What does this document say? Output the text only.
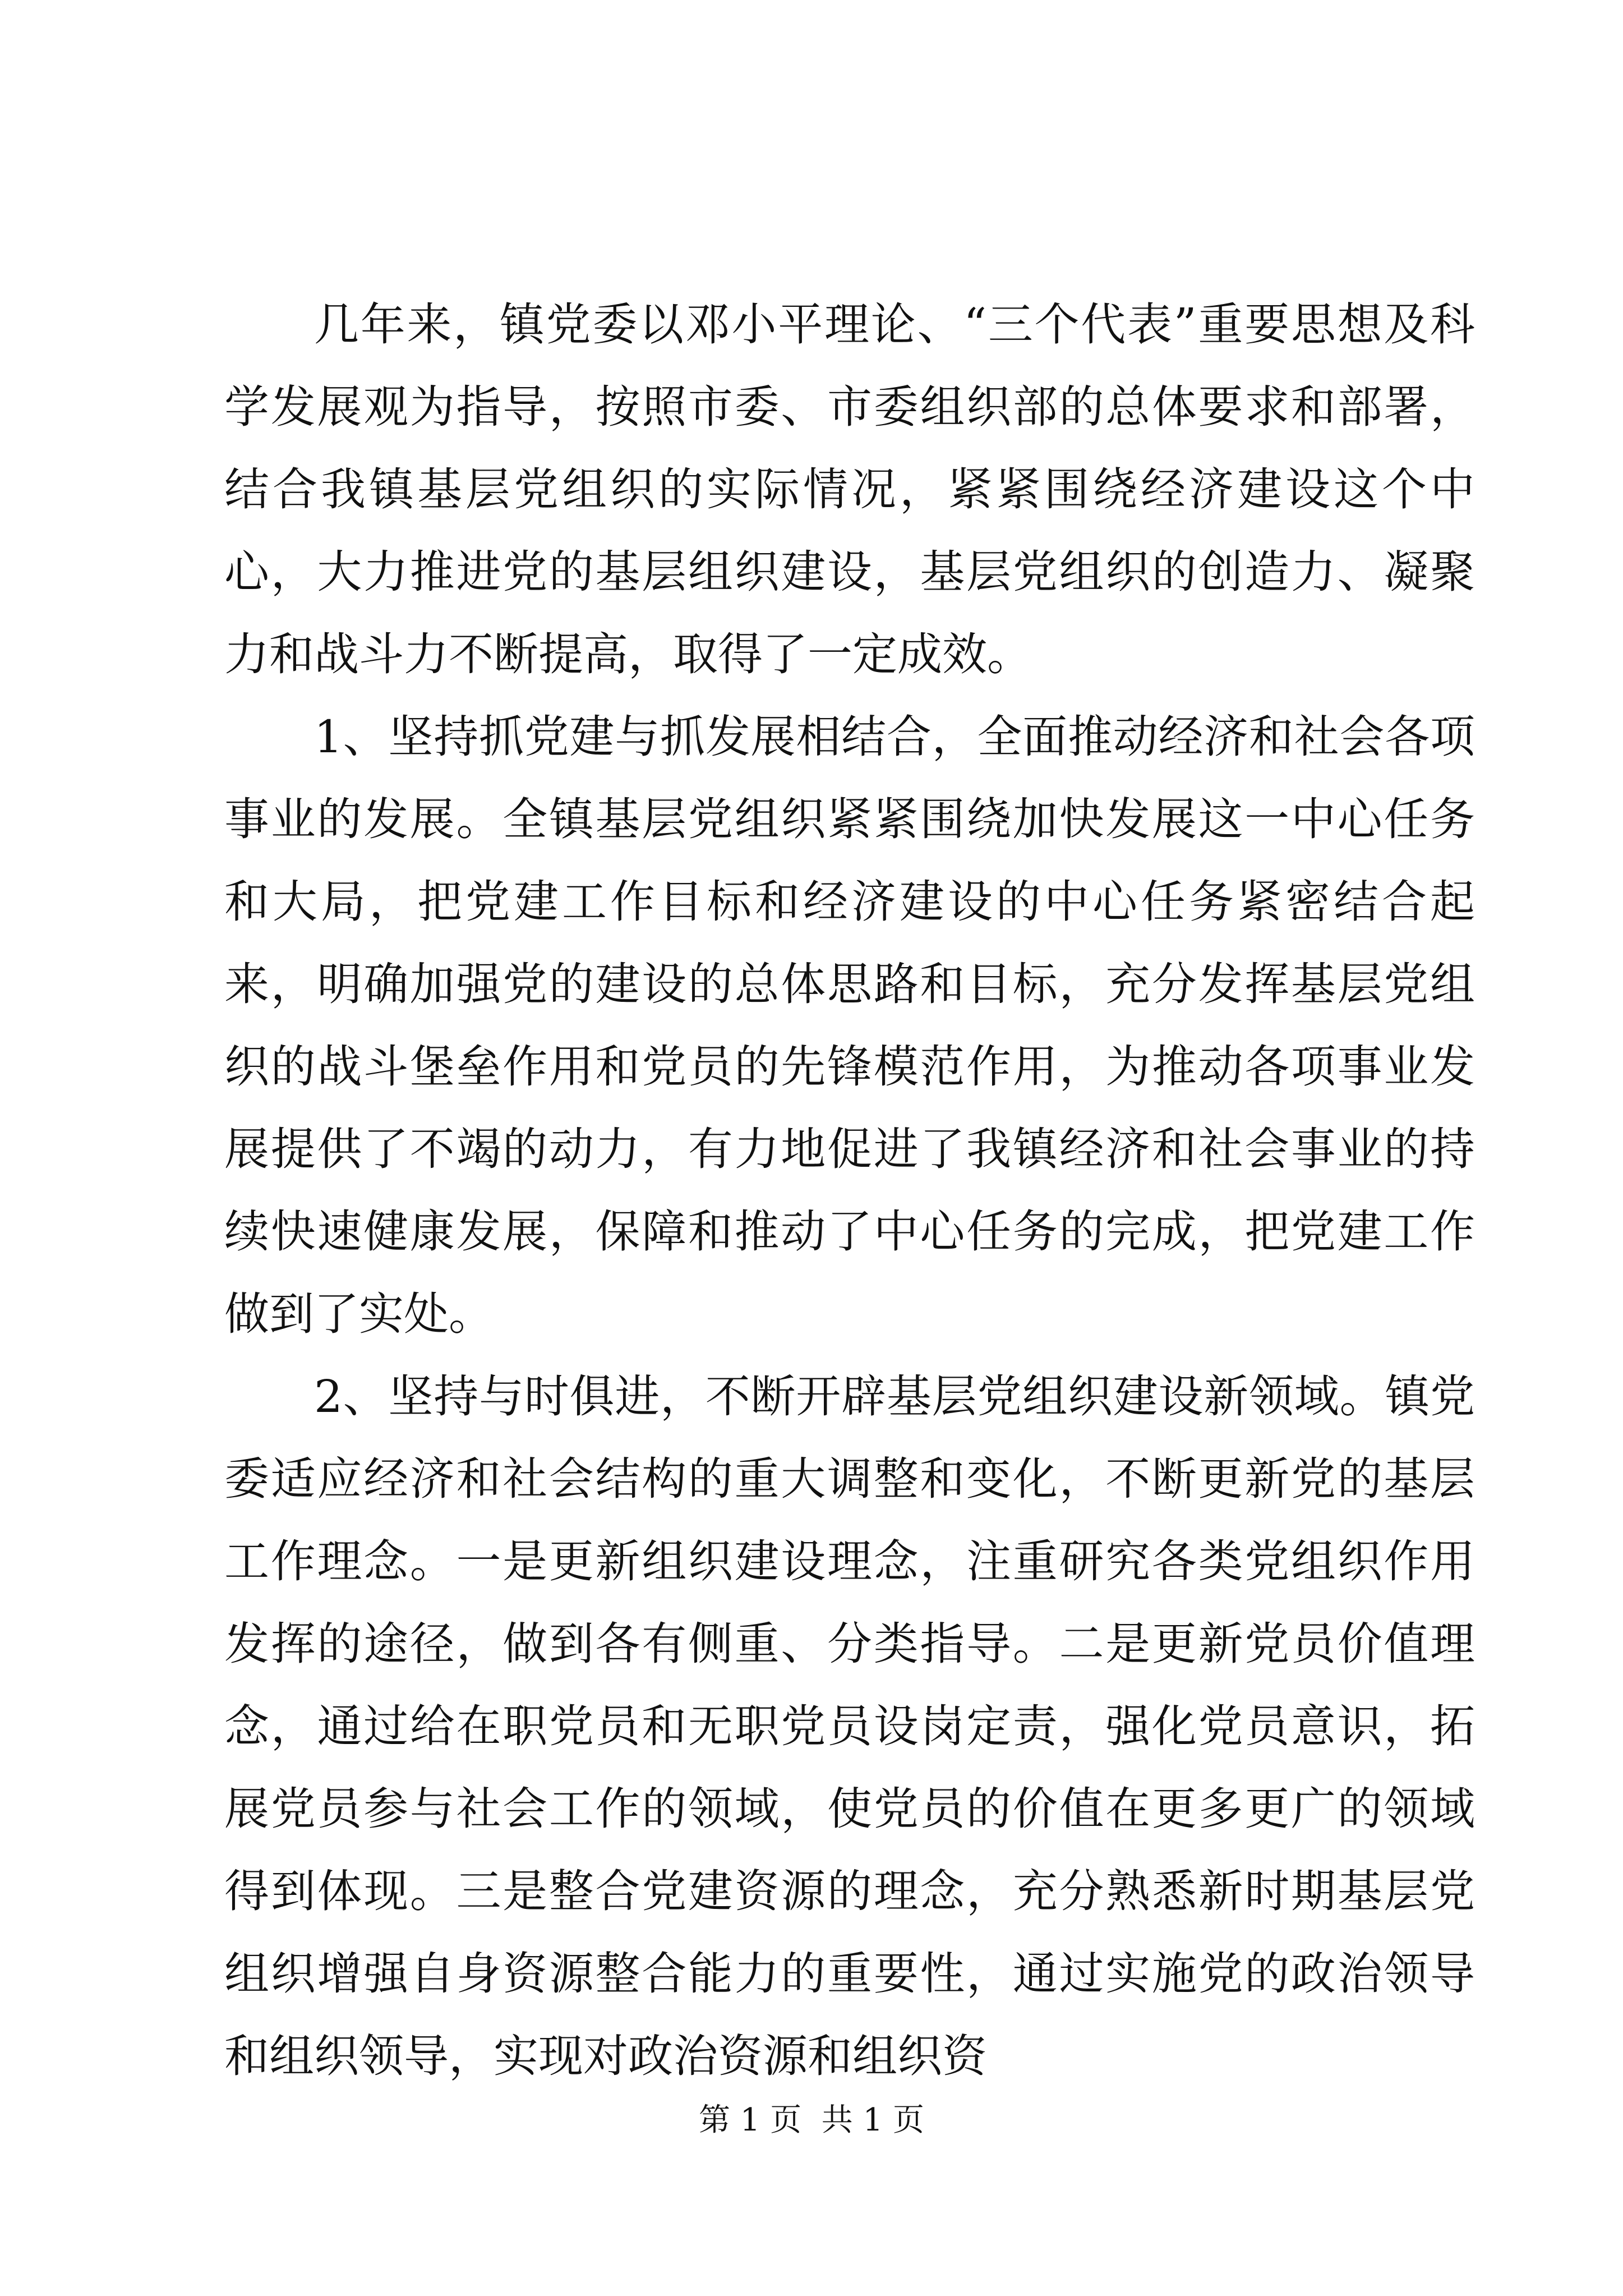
几年来，镇党委以邓小平理论、“三个代表”重要思想及科学发展观为指导，按照市委、市委组织部的总体要求和部署，结合我镇基层党组织的实际情况，紧紧围绕经济建设这个中心，大力推进党的基层组织建设，基层党组织的创造力、凝聚力和战斗力不断提高，取得了一定成效。

1、坚持抓党建与抓发展相结合，全面推动经济和社会各项事业的发展。全镇基层党组织紧紧围绕加快发展这一中心任务和大局，把党建工作目标和经济建设的中心任务紧密结合起来，明确加强党的建设的总体思路和目标，充分发挥基层党组织的战斗堡垒作用和党员的先锋模范作用，为推动各项事业发展提供了不竭的动力，有力地促进了我镇经济和社会事业的持续快速健康发展，保障和推动了中心任务的完成，把党建工作做到了实处。

2、坚持与时俱进，不断开辟基层党组织建设新领域。镇党委适应经济和社会结构的重大调整和变化，不断更新党的基层工作理念。一是更新组织建设理念，注重研究各类党组织作用发挥的途径，做到各有侧重、分类指导。二是更新党员价值理念，通过给在职党员和无职党员设岗定责，强化党员意识，拓展党员参与社会工作的领域，使党员的价值在更多更广的领域得到体现。三是整合党建资源的理念，充分熟悉新时期基层党组织增强自身资源整合能力的重要性，通过实施党的政治领导和组织领导，实现对政治资源和组织资

第 1 页  共 1 页
